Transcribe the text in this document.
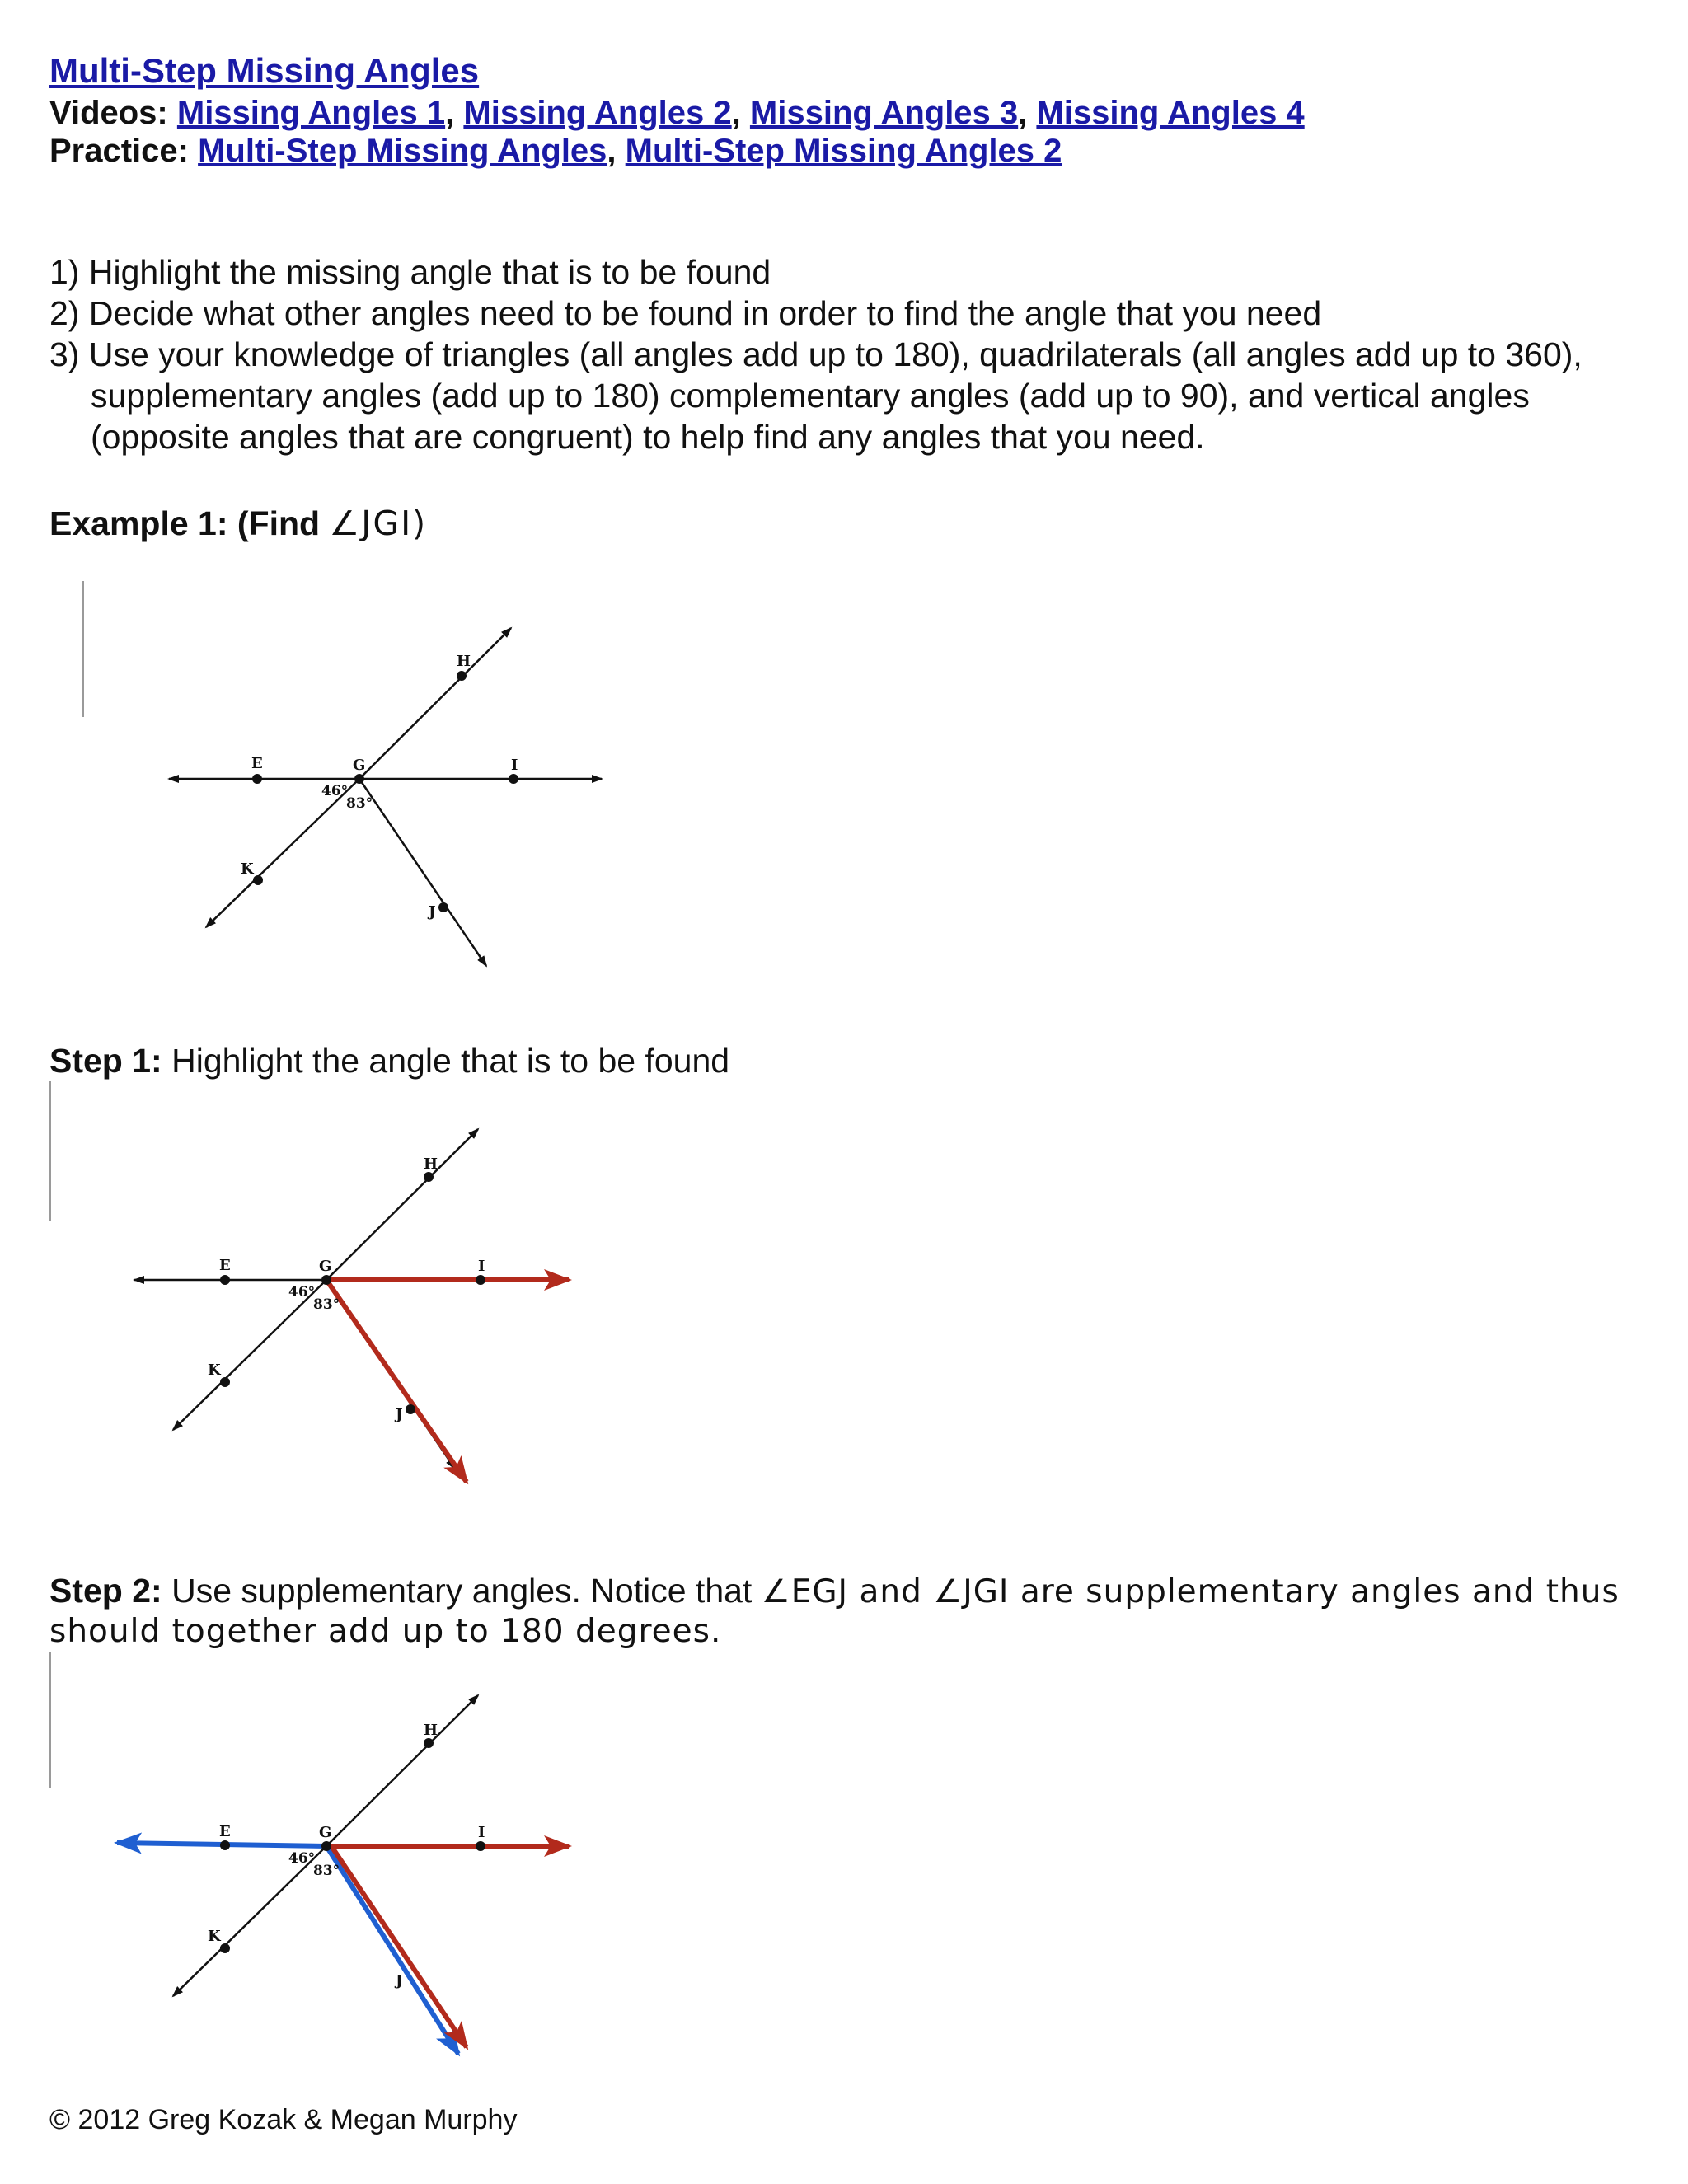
Multi-Step Missing Angles
Videos: Missing Angles 1, Missing Angles 2, Missing Angles 3, Missing Angles 4
Practice: Multi-Step Missing Angles, Multi-Step Missing Angles 2
1) Highlight the missing angle that is to be found
2) Decide what other angles need to be found in order to find the angle that you need
3) Use your knowledge of triangles (all angles add up to 180), quadrilaterals (all angles add up to 360), supplementary angles (add up to 180) complementary angles (add up to 90), and vertical angles (opposite angles that are congruent) to help find any angles that you need.
Example 1: (Find ∠JGI)
H
E	G	I
K
J
46°
83°
Step 1: Highlight the angle that is to be found
H
E	G	I
K
J
46°
83°
Step 2: Use supplementary angles. Notice that ∠EGJ and ∠JGI are supplementary angles and thus should together add up to 180 degrees.
H
E	G	I
K
J
46°
83°
© 2012 Greg Kozak & Megan Murphy
